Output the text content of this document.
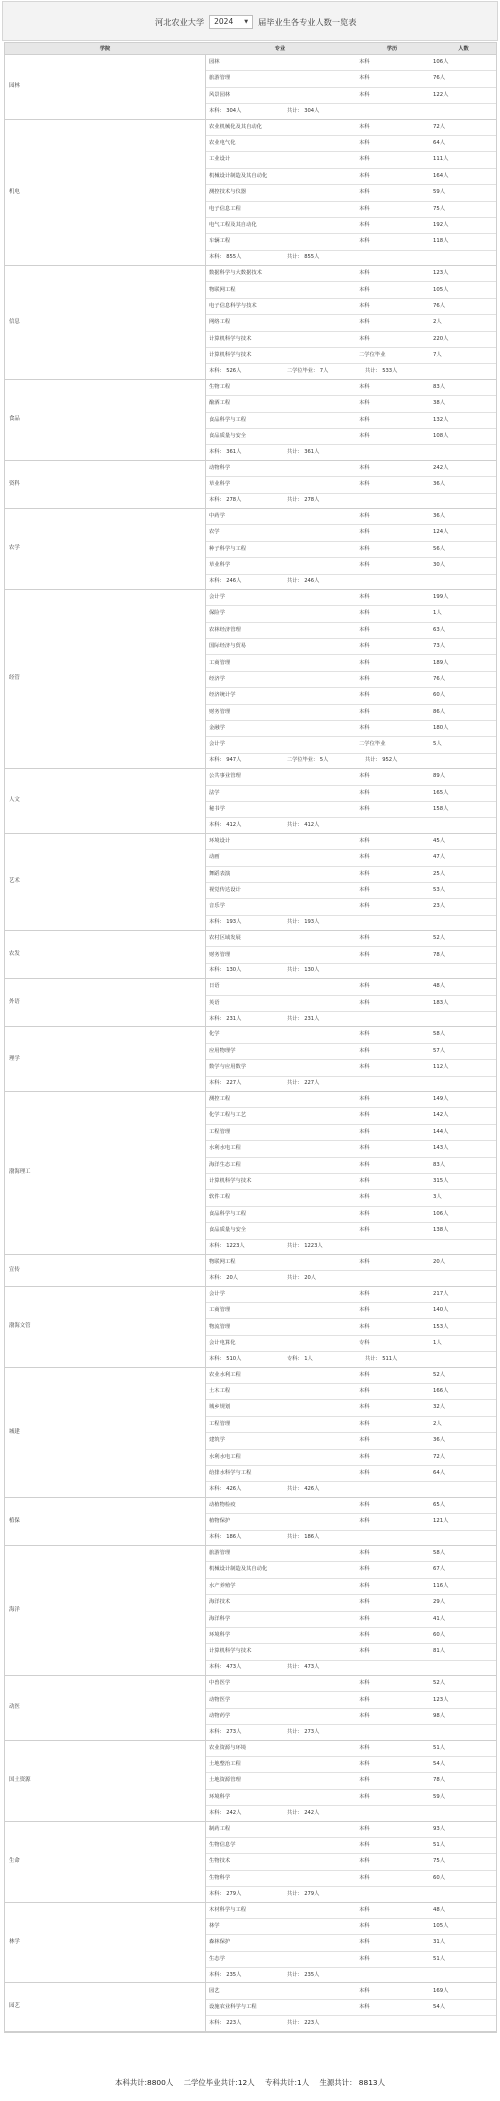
河北农业大学 2024 ▼ 届毕业生各专业人数一览表
学院	专业	学历	人数
园林
园林	本科	106人
旅游管理	本科	76人
风景园林	本科	122人
本科： 304人	共计： 304人
机电
农业机械化及其自动化	本科	72人
农业电气化	本科	64人
工业设计	本科	111人
机械设计制造及其自动化	本科	164人
测控技术与仪器	本科	59人
电子信息工程	本科	75人
电气工程及其自动化	本科	192人
车辆工程	本科	118人
本科： 855人	共计： 855人
信息
数据科学与大数据技术	本科	123人
物联网工程	本科	105人
电子信息科学与技术	本科	76人
网络工程	本科	2人
计算机科学与技术	本科	220人
计算机科学与技术	二学位毕业	7人
本科： 526人	二学位毕业： 7人	共计： 533人
食品
生物工程	本科	83人
酿酒工程	本科	38人
食品科学与工程	本科	132人
食品质量与安全	本科	108人
本科： 361人	共计： 361人
资科
动物科学	本科	242人
草业科学	本科	36人
本科： 278人	共计： 278人
农学
中药学	本科	36人
农学	本科	124人
种子科学与工程	本科	56人
草业科学	本科	30人
本科： 246人	共计： 246人
经管
会计学	本科	199人
保险学	本科	1人
农林经济管理	本科	63人
国际经济与贸易	本科	73人
工商管理	本科	189人
经济学	本科	76人
经济统计学	本科	60人
财务管理	本科	86人
金融学	本科	180人
会计学	二学位毕业	5人
本科： 947人	二学位毕业： 5人	共计： 952人
人文
公共事业管理	本科	89人
法学	本科	165人
秘书学	本科	158人
本科： 412人	共计： 412人
艺术
环境设计	本科	45人
动画	本科	47人
舞蹈表演	本科	25人
视觉传达设计	本科	53人
音乐学	本科	23人
本科： 193人	共计： 193人
农发
农村区域发展	本科	52人
财务管理	本科	78人
本科： 130人	共计： 130人
外语
日语	本科	48人
英语	本科	183人
本科： 231人	共计： 231人
理学
化学	本科	58人
应用物理学	本科	57人
数学与应用数学	本科	112人
本科： 227人	共计： 227人
渤海理工
测控工程	本科	149人
化学工程与工艺	本科	142人
工程管理	本科	144人
水利水电工程	本科	143人
海洋生态工程	本科	83人
计算机科学与技术	本科	315人
软件工程	本科	3人
食品科学与工程	本科	106人
食品质量与安全	本科	138人
本科： 1223人	共计： 1223人
宣传
物联网工程	本科	20人
本科： 20人	共计： 20人
渤海文管
会计学	本科	217人
工商管理	本科	140人
物流管理	本科	153人
会计电算化	专科	1人
本科： 510人	专科： 1人	共计： 511人
城建
农业水利工程	本科	52人
土木工程	本科	166人
城乡规划	本科	32人
工程管理	本科	2人
建筑学	本科	36人
水利水电工程	本科	72人
给排水科学与工程	本科	64人
本科： 426人	共计： 426人
植保
动植物检疫	本科	65人
植物保护	本科	121人
本科： 186人	共计： 186人
海洋
旅游管理	本科	58人
机械设计制造及其自动化	本科	67人
水产养殖学	本科	116人
海洋技术	本科	29人
海洋科学	本科	41人
环境科学	本科	60人
计算机科学与技术	本科	81人
本科： 473人	共计： 473人
动医
中兽医学	本科	52人
动物医学	本科	123人
动物药学	本科	98人
本科： 273人	共计： 273人
国土资源
农业资源与环境	本科	51人
土地整治工程	本科	54人
土地资源管理	本科	78人
环境科学	本科	59人
本科： 242人	共计： 242人
生命
制药工程	本科	93人
生物信息学	本科	51人
生物技术	本科	75人
生物科学	本科	60人
本科： 279人	共计： 279人
林学
木材科学与工程	本科	48人
林学	本科	105人
森林保护	本科	31人
生态学	本科	51人
本科： 235人	共计： 235人
园艺
园艺	本科	169人
设施农业科学与工程	本科	54人
本科： 223人	共计： 223人
本科共计:8800人 二学位毕业共计:12人 专科共计:1人 生源共计： 8813人
